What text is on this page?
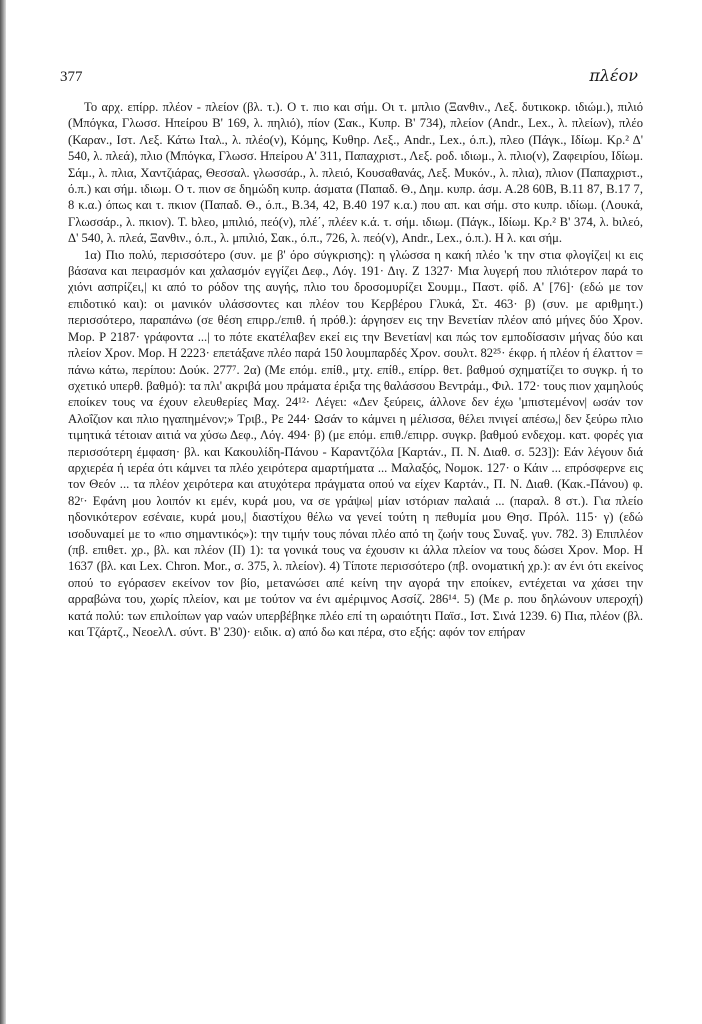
377	πλέον

Το αρχ. επίρρ. πλέον - πλείον (βλ. τ.). Ο τ. πιο και σήμ. Οι τ. μπλιο (Ξανθιν., Λεξ. δυτικοκρ. ιδιώμ.), πιλιό (Μπόγκα, Γλωσσ. Ηπείρου Β' 169, λ. πηλιό), πίον (Σακ., Κυπρ. Β' 734), πλείον (Andr., Lex., λ. πλείων), πλέο (Καραν., Ιστ. Λεξ. Κάτω Ιταλ., λ. πλέο(ν), Κόμης, Κυθηρ. Λεξ., Andr., Lex., ό.π.), πλεο (Πάγκ., Ιδίωμ. Κρ.² Δ' 540, λ. πλεά), πλιο (Μπόγκα, Γλωσσ. Ηπείρου Α' 311, Παπαχριστ., Λεξ. ροδ. ιδιωμ., λ. πλιο(ν), Ζαφειρίου, Ιδίωμ. Σάμ., λ. πλια, Χαντζιάρας, Θεσσαλ. γλωσσάρ., λ. πλειό, Κουσαθανάς, Λεξ. Μυκόν., λ. πλια), πλιον (Παπαχριστ., ό.π.) και σήμ. ιδιωμ. Ο τ. πιον σε δημώδη κυπρ. άσματα (Παπαδ. Θ., Δημ. κυπρ. άσμ. Α.28 60Β, Β.11 87, Β.17 7, 8 κ.α.) όπως και τ. πκιον (Παπαδ. Θ., ό.π., Β.34, 42, Β.40 197 κ.α.) που απ. και σήμ. στο κυπρ. ιδίωμ. (Λουκά, Γλωσσάρ., λ. πκιον). Τ. bλεο, μπιλιό, πεό(ν), πλέ΄, πλέεν κ.ά. τ. σήμ. ιδιωμ. (Πάγκ., Ιδίωμ. Κρ.² Β' 374, λ. bιλεό, Δ' 540, λ. πλεά, Ξανθιν., ό.π., λ. μπιλιό, Σακ., ό.π., 726, λ. πεό(ν), Andr., Lex., ό.π.). Η λ. και σήμ.

1α) Πιο πολύ, περισσότερο (συν. με β' όρο σύγκρισης): η γλώσσα η κακή πλέο 'κ την στια φλογίζει| κι εις βάσανα και πειρασμόν και χαλασμόν εγγίζει Δεφ., Λόγ. 191· Διγ. Ζ 1327· Μια λυγερή που πλιότερον παρά το χιόνι ασπρίζει,| κι από το ρόδον της αυγής, πλιο του δροσομυρίζει Σουμμ., Παστ. φίδ. Α' [76]· (εδώ με τον επιδοτικό και): οι μανικόν υλάσσοντες και πλέον του Κερβέρου Γλυκά, Στ. 463· β) (συν. με αριθμητ.) περισσότερο, παραπάνω (σε θέση επιρρ./επιθ. ή πρόθ.): άργησεν εις την Βενετίαν πλέον από μήνες δύο Χρον. Μορ. Ρ 2187· γράφοντα ...| το πότε εκατέλαβεν εκεί εις την Βενετίαν| και πώς τον εμποδίσασιν μήνας δύο και πλείον Χρον. Μορ. Η 2223· επετάξανε πλέο παρά 150 λουμπαρδές Χρον. σουλτ. 82²⁵· έκφρ. ή πλέον ή έλαττον = πάνω κάτω, περίπου: Δούκ. 277⁷. 2α) (Με επόμ. επίθ., μτχ. επίθ., επίρρ. θετ. βαθμού σχηματίζει το συγκρ. ή το σχετικό υπερθ. βαθμό): τα πλι' ακριβά μου πράματα έριξα της θαλάσσου Βεντράμ., Φιλ. 172· τους πιον χαμηλούς εποίκεν τους να έχουν ελευθερίες Μαχ. 24¹²· Λέγει: «Δεν ξεύρεις, άλλονε δεν έχω 'μπιστεμένον| ωσάν τον Αλοΐζιον και πλιο ηγαπημένον;» Τριβ., Ρε 244· Ωσάν το κάμνει η μέλισσα, θέλει πνιγεί απέσω,| δεν ξεύρω πλιο τιμητικά τέτοιαν αιτιά να χύσω Δεφ., Λόγ. 494· β) (με επόμ. επιθ./επιρρ. συγκρ. βαθμού ενδεχομ. κατ. φορές για περισσότερη έμφαση· βλ. και Κακουλίδη-Πάνου - Καραντζόλα [Καρτάν., Π. Ν. Διαθ. σ. 523]): Εάν λέγουν διά αρχιερέα ή ιερέα ότι κάμνει τα πλέο χειρότερα αμαρτήματα ... Μαλαξός, Νομοκ. 127· ο Κάιν ... επρόσφερνε εις τον Θεόν ... τα πλέον χειρότερα και ατυχότερα πράγματα οπού να είχεν Καρτάν., Π. Ν. Διαθ. (Κακ.-Πάνου) φ. 82ʳ· Εφάνη μου λοιπόν κι εμέν, κυρά μου, να σε γράψω| μίαν ιστόριαν παλαιά ... (παραλ. 8 στ.). Για πλείο ηδονικότερον εσέναιε, κυρά μου,| διαστίχου θέλω να γενεί τούτη η πεθυμία μου Θησ. Πρόλ. 115· γ) (εδώ ισοδυναμεί με το «πιο σημαντικός»): την τιμήν τους πόναι πλέο από τη ζωήν τους Συναξ. γυν. 782. 3) Επιπλέον (πβ. επιθετ. χρ., βλ. και πλέον (ΙΙ) 1): τα γονικά τους να έχουσιν κι άλλα πλείον να τους δώσει Χρον. Μορ. Η 1637 (βλ. και Lex. Chron. Mor., σ. 375, λ. πλείον). 4) Τίποτε περισσότερο (πβ. ονοματική χρ.): αν ένι ότι εκείνος οπού το εγόρασεν εκείνον τον βίο, μετανώσει απέ κείνη την αγορά την εποίκεν, εντέχεται να χάσει την αρραβώνα του, χωρίς πλείον, και με τούτον να ένι αμέριμνος Ασσίζ. 286¹⁴. 5) (Με ρ. που δηλώνουν υπεροχή) κατά πολύ: των επιλοίπων γαρ ναών υπερβέβηκε πλέο επί τη ωραιότητι Παϊσ., Ιστ. Σινά 1239. 6) Πια, πλέον (βλ. και Τζάρτζ., ΝεοελΛ. σύντ. Β' 230)· ειδικ. α) από δω και πέρα, στο εξής: αφόν τον επήραν
